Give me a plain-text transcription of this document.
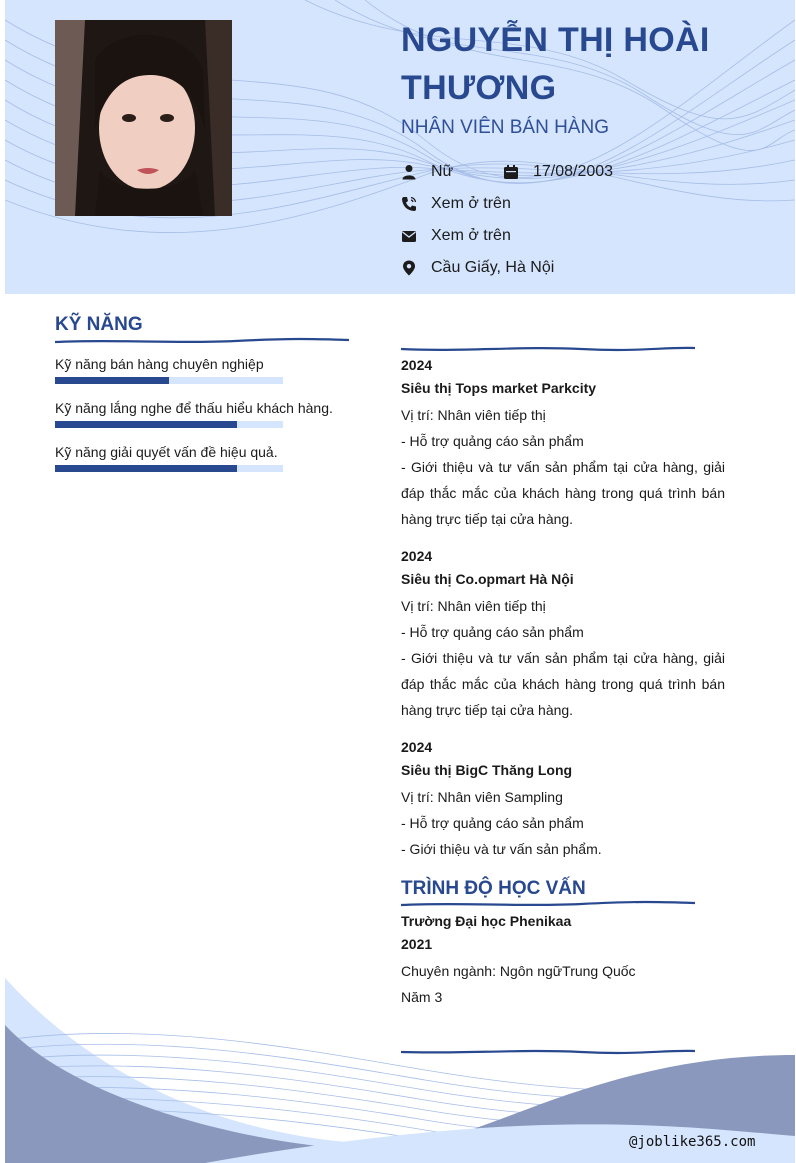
NGUYỄN THỊ HOÀI THƯƠNG
NHÂN VIÊN BÁN HÀNG
Nữ	17/08/2003
Xem ở trên
Xem ở trên
Cầu Giấy, Hà Nội
KỸ NĂNG
Kỹ năng bán hàng chuyên nghiệp
Kỹ năng lắng nghe để thấu hiểu khách hàng.
Kỹ năng giải quyết vấn đề hiệu quả.
2024
Siêu thị Tops market Parkcity
Vị trí: Nhân viên tiếp thị
- Hỗ trợ quảng cáo sản phẩm
- Giới thiệu và tư vấn sản phẩm tại cửa hàng, giải đáp thắc mắc của khách hàng trong quá trình bán hàng trực tiếp tại cửa hàng.
2024
Siêu thị Co.opmart Hà Nội
Vị trí: Nhân viên tiếp thị
- Hỗ trợ quảng cáo sản phẩm
- Giới thiệu và tư vấn sản phẩm tại cửa hàng, giải đáp thắc mắc của khách hàng trong quá trình bán hàng trực tiếp tại cửa hàng.
2024
Siêu thị BigC Thăng Long
Vị trí: Nhân viên Sampling
- Hỗ trợ quảng cáo sản phẩm
- Giới thiệu và tư vấn sản phẩm.
TRÌNH ĐỘ HỌC VẤN
Trường Đại học Phenikaa
2021
Chuyên ngành: Ngôn ngữTrung Quốc
Năm 3
@joblike365.com
